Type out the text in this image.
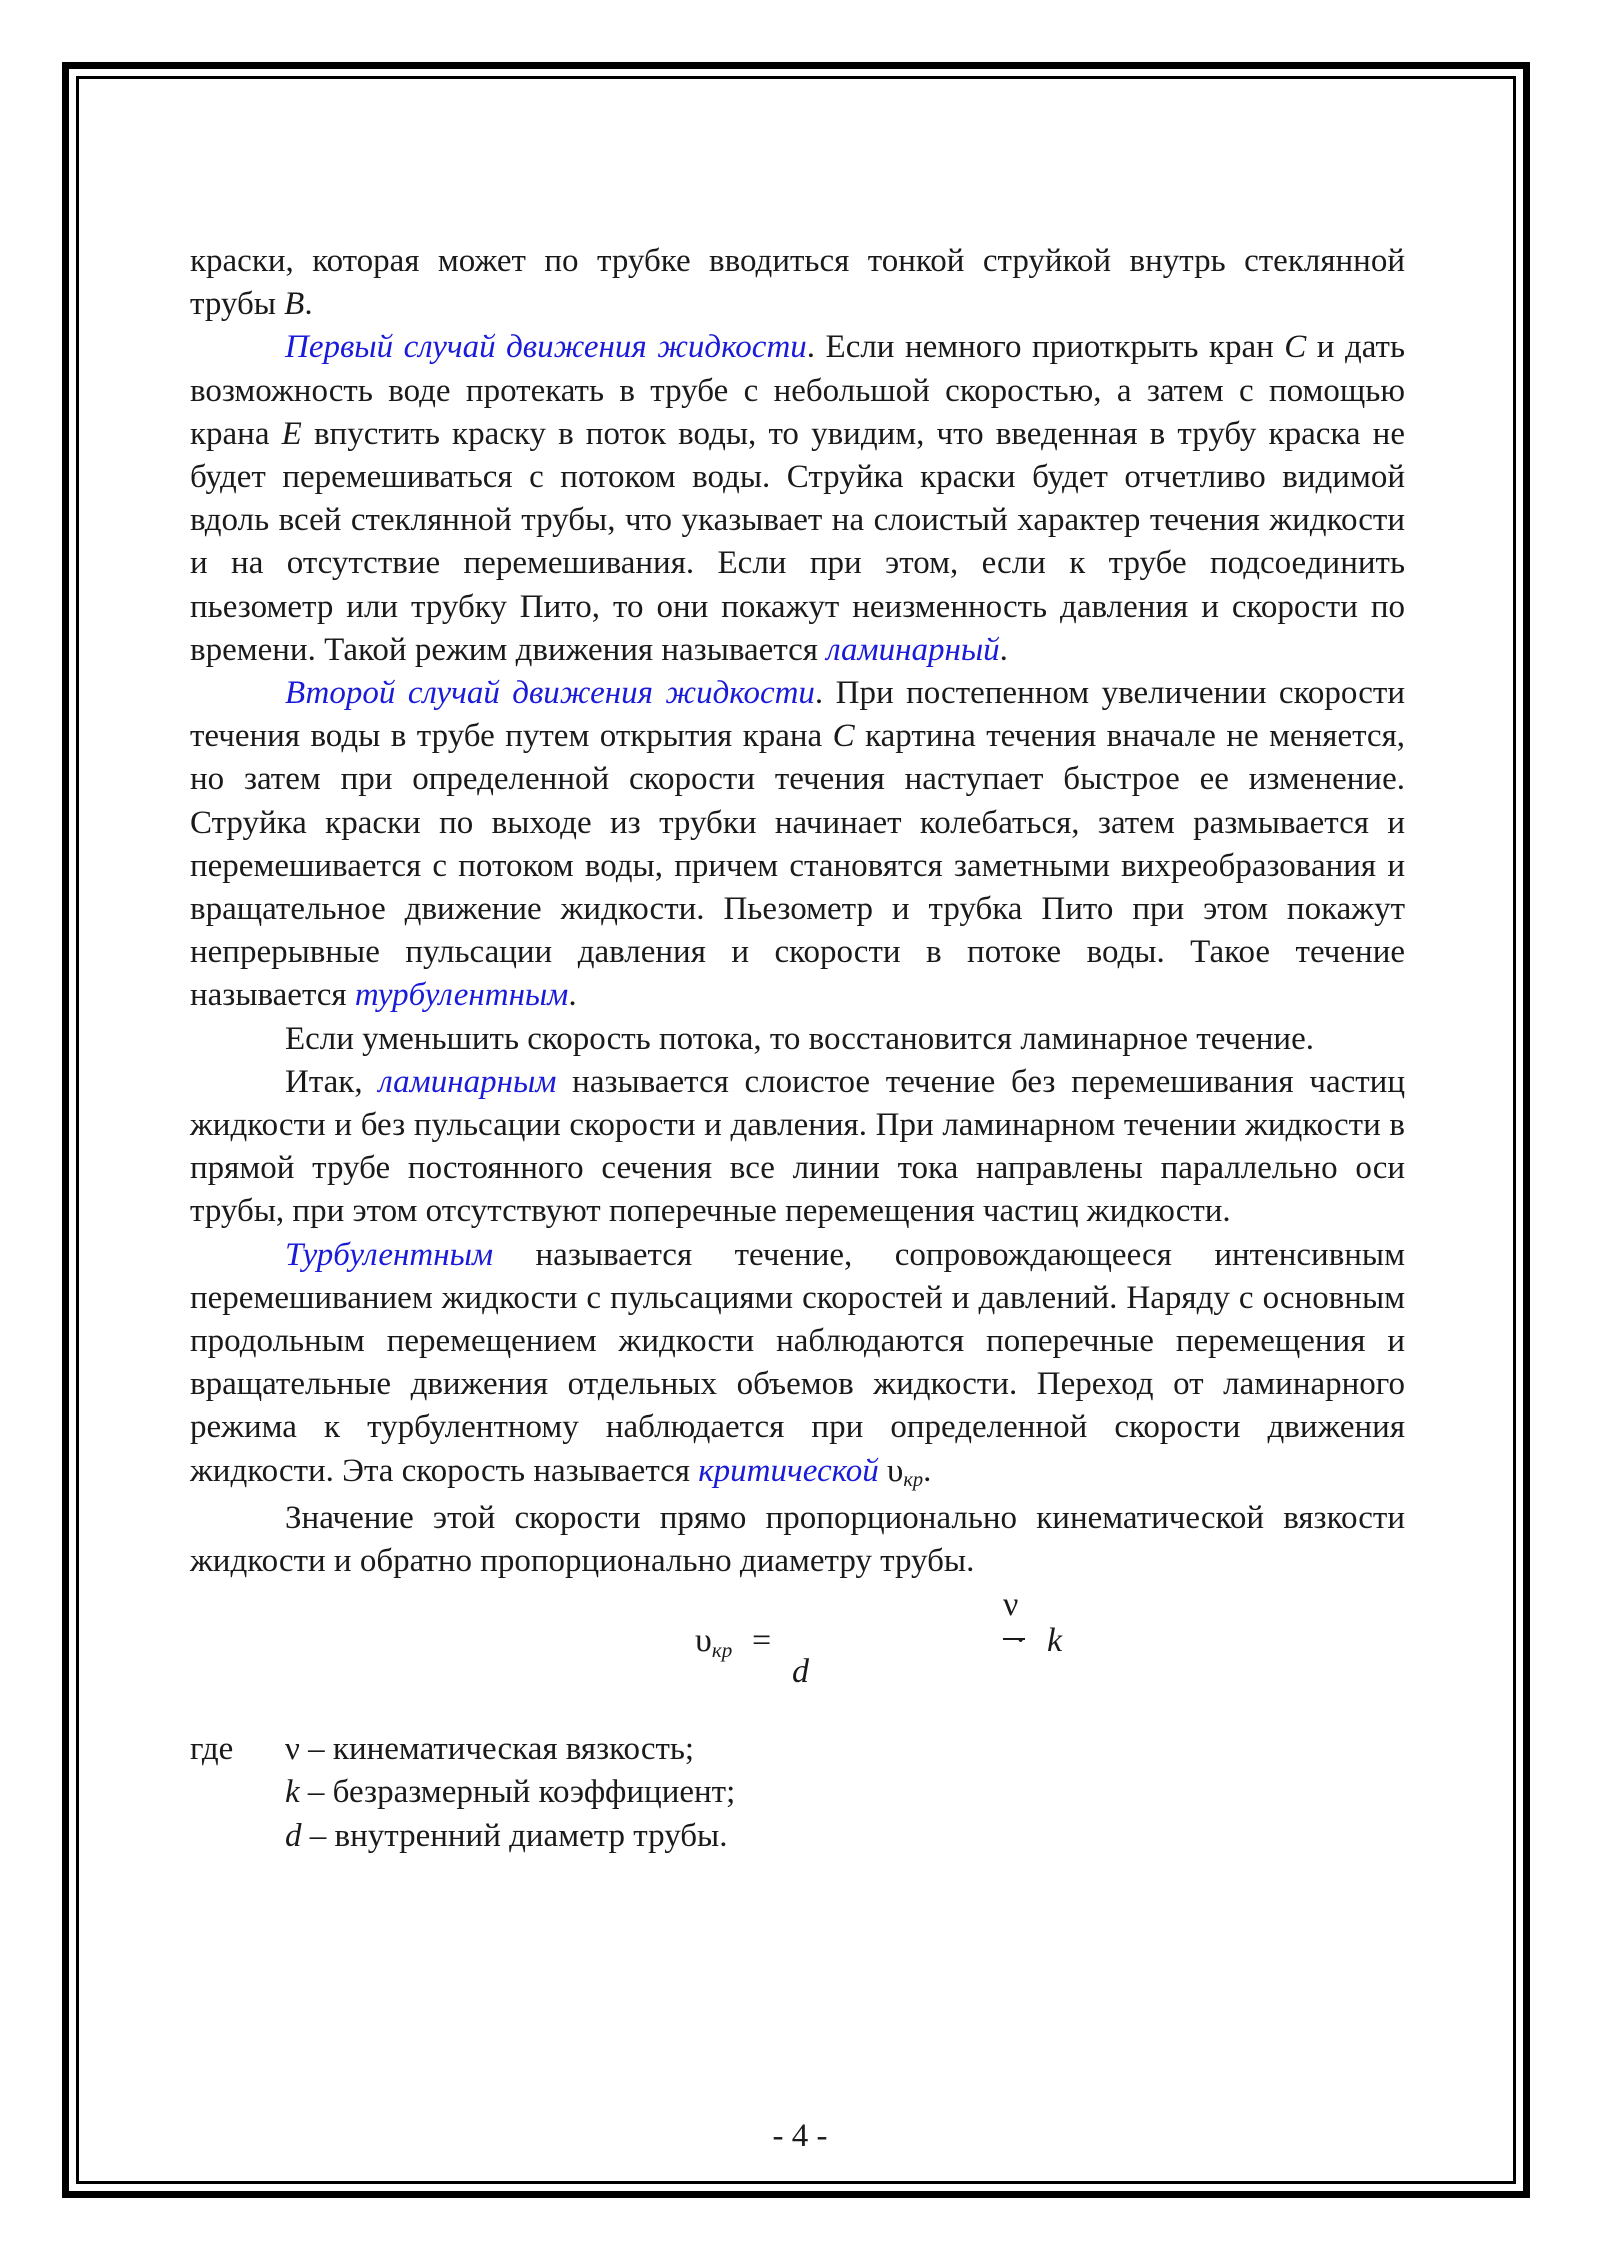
краски, которая может по трубке вводиться тонкой струйкой внутрь стеклянной трубы B.

Первый случай движения жидкости. Если немного приоткрыть кран C и дать возможность воде протекать в трубе с небольшой скоростью, а затем с помощью крана E впустить краску в поток воды, то увидим, что введенная в трубу краска не будет перемешиваться с потоком воды. Струйка краски будет отчетливо видимой вдоль всей стеклянной трубы, что указывает на слоистый характер течения жидкости и на отсутствие перемешивания. Если при этом, если к трубе подсоединить пьезометр или трубку Пито, то они покажут неизменность давления и скорости по времени. Такой режим движения называется ламинарный.

Второй случай движения жидкости. При постепенном увеличении скорости течения воды в трубе путем открытия крана C картина течения вначале не меняется, но затем при определенной скорости течения наступает быстрое ее изменение. Струйка краски по выходе из трубки начинает колебаться, затем размывается и перемешивается с потоком воды, причем становятся заметными вихреобразования и вращательное движение жидкости. Пьезометр и трубка Пито при этом покажут непрерывные пульсации давления и скорости в потоке воды. Такое течение называется турбулентным.

Если уменьшить скорость потока, то восстановится ламинарное течение.

Итак, ламинарным называется слоистое течение без перемешивания частиц жидкости и без пульсации скорости и давления. При ламинарном течении жидкости в прямой трубе постоянного сечения все линии тока направлены параллельно оси трубы, при этом отсутствуют поперечные перемещения частиц жидкости.

Турбулентным называется течение, сопровождающееся интенсивным перемешиванием жидкости с пульсациями скоростей и давлений. Наряду с основным продольным перемещением жидкости наблюдаются поперечные перемещения и вращательные движения отдельных объемов жидкости. Переход от ламинарного режима к турбулентному наблюдается при определенной скорости движения жидкости. Эта скорость называется критической υкр.

Значение этой скорости прямо пропорционально кинематической вязкости жидкости и обратно пропорционально диаметру трубы.

υкр =
ν
d
· k
где ν – кинематическая вязкость;
k – безразмерный коэффициент;
d – внутренний диаметр трубы.
- 4 -
